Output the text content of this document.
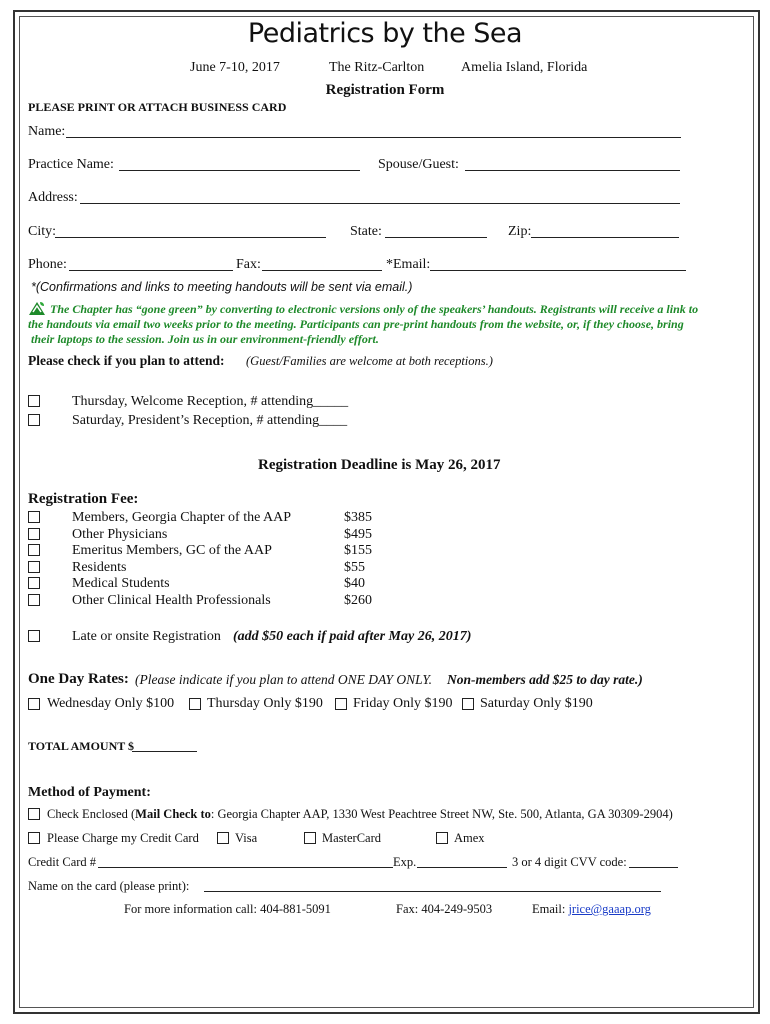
Pediatrics by the Sea
June 7-10, 2017	The Ritz-Carlton	Amelia Island, Florida
Registration Form
PLEASE PRINT OR ATTACH BUSINESS CARD
Name:
Practice Name:	Spouse/Guest:
Address:
City:	State:	Zip:
Phone:	Fax:	*Email:
*(Confirmations and links to meeting handouts will be sent via email.)
The Chapter has “gone green” by converting to electronic versions only of the speakers’ handouts. Registrants will receive a link to
the handouts via email two weeks prior to the meeting. Participants can pre-print handouts from the website, or, if they choose, bring
their laptops to the session. Join us in our environment-friendly effort.
Please check if you plan to attend: (Guest/Families are welcome at both receptions.)
Thursday, Welcome Reception, # attending_____
Saturday, President’s Reception, # attending____
Registration Deadline is May 26, 2017
Registration Fee:
Members, Georgia Chapter of the AAP	$385
Other Physicians	$495
Emeritus Members, GC of the AAP	$155
Residents	$55
Medical Students	$40
Other Clinical Health Professionals	$260
Late or onsite Registration (add $50 each if paid after May 26, 2017)
One Day Rates: (Please indicate if you plan to attend ONE DAY ONLY. Non-members add $25 to day rate.)
Wednesday Only $100 Thursday Only $190 Friday Only $190 Saturday Only $190
TOTAL AMOUNT $
Method of Payment:
Check Enclosed (Mail Check to: Georgia Chapter AAP, 1330 West Peachtree Street NW, Ste. 500, Atlanta, GA 30309-2904)
Please Charge my Credit Card	Visa	MasterCard	Amex
Credit Card #	Exp.	3 or 4 digit CVV code:
Name on the card (please print):
For more information call: 404-881-5091	Fax: 404-249-9503	Email: jrice@gaaap.org
